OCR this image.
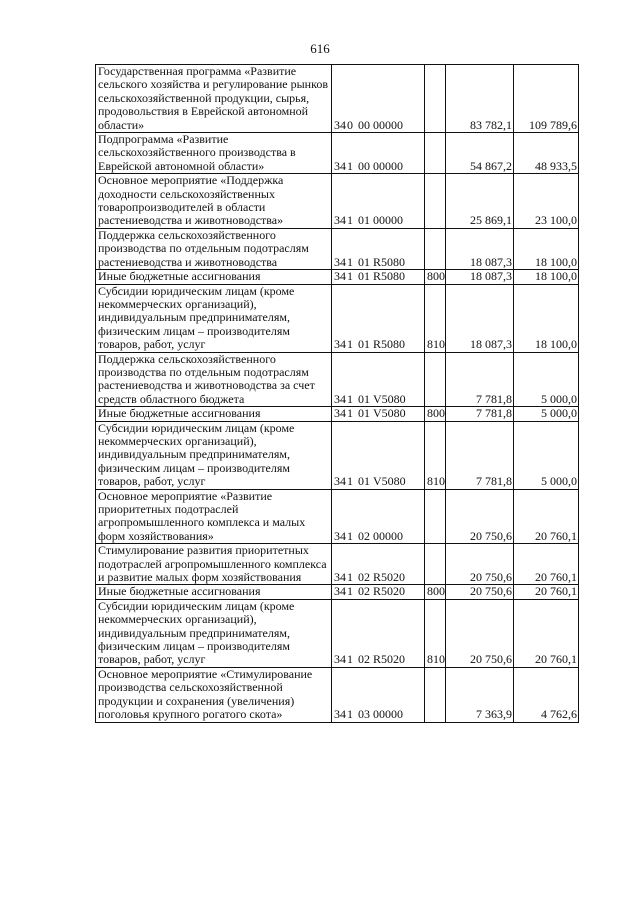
616
Государственная программа «Развитие сельского хозяйства и регулирование рынков сельскохозяйственной продукции, сырья, продовольствия в Еврейской автономной области»	340 00 00000		83 782,1	109 789,6
Подпрограмма «Развитие сельскохозяйственного производства в Еврейской автономной области»	341 00 00000		54 867,2	48 933,5
Основное мероприятие «Поддержка доходности сельскохозяйственных товаропроизводителей в области растениеводства и животноводства»	341 01 00000		25 869,1	23 100,0
Поддержка сельскохозяйственного производства по отдельным подотраслям растениеводства и животноводства	341 01 R5080		18 087,3	18 100,0
Иные бюджетные ассигнования	341 01 R5080	800	18 087,3	18 100,0
Субсидии юридическим лицам (кроме некоммерческих организаций), индивидуальным предпринимателям, физическим лицам – производителям товаров, работ, услуг	341 01 R5080	810	18 087,3	18 100,0
Поддержка сельскохозяйственного производства по отдельным подотраслям растениеводства и животноводства за счет средств областного бюджета	341 01 V5080		7 781,8	5 000,0
Иные бюджетные ассигнования	341 01 V5080	800	7 781,8	5 000,0
Субсидии юридическим лицам (кроме некоммерческих организаций), индивидуальным предпринимателям, физическим лицам – производителям товаров, работ, услуг	341 01 V5080	810	7 781,8	5 000,0
Основное мероприятие «Развитие приоритетных подотраслей агропромышленного комплекса и малых форм хозяйствования»	341 02 00000		20 750,6	20 760,1
Стимулирование развития приоритетных подотраслей агропромышленного комплекса и развитие малых форм хозяйствования	341 02 R5020		20 750,6	20 760,1
Иные бюджетные ассигнования	341 02 R5020	800	20 750,6	20 760,1
Субсидии юридическим лицам (кроме некоммерческих организаций), индивидуальным предпринимателям, физическим лицам – производителям товаров, работ, услуг	341 02 R5020	810	20 750,6	20 760,1
Основное мероприятие «Стимулирование производства сельскохозяйственной продукции и сохранения (увеличения) поголовья крупного рогатого скота»	341 03 00000		7 363,9	4 762,6
